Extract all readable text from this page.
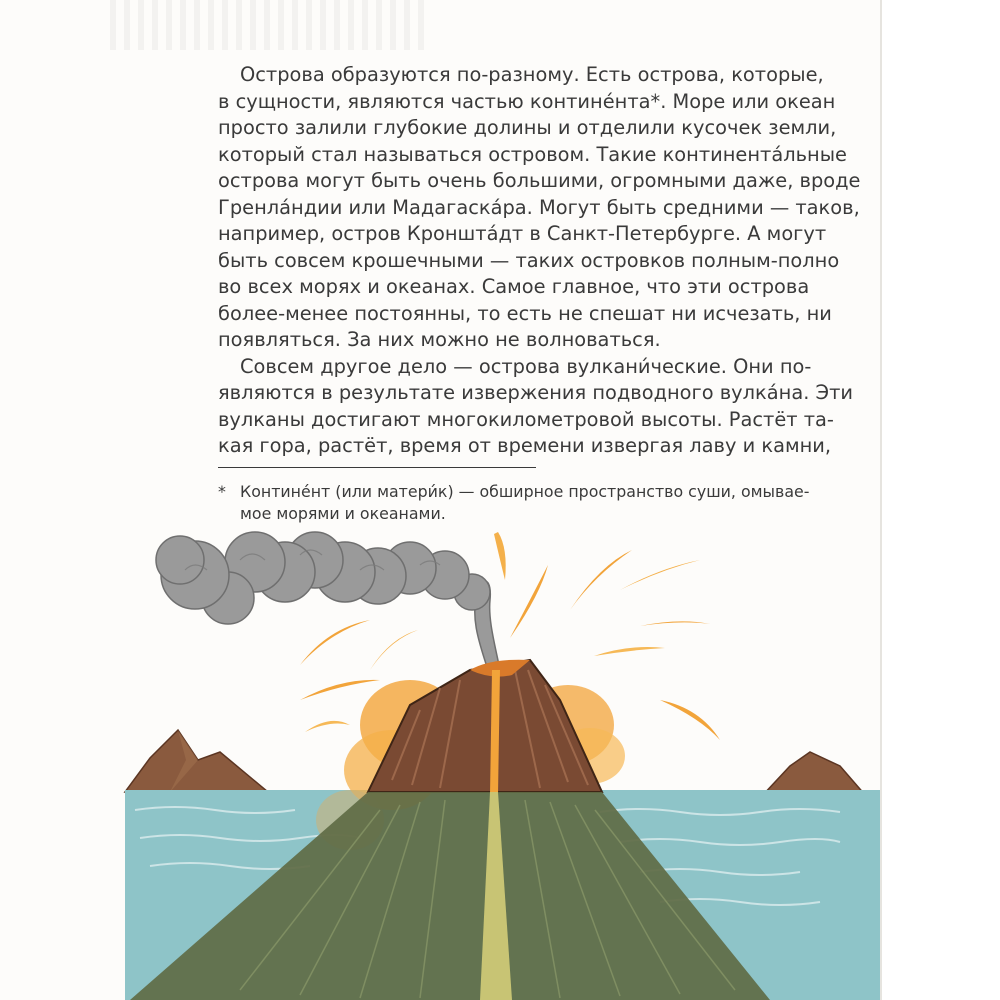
Острова образуются по-разному. Есть острова, которые,
в сущности, являются частью контине́нта*. Море или океан
просто залили глубокие долины и отделили кусочек земли,
который стал называться островом. Такие континента́льные
острова могут быть очень большими, огромными даже, вроде
Гренла́ндии или Мадагаска́ра. Могут быть средними — таков,
например, остров Кроншта́дт в Санкт-Петербурге. А могут
быть совсем крошечными — таких островков полным-полно
во всех морях и океанах. Самое главное, что эти острова
более-менее постоянны, то есть не спешат ни исчезать, ни
появляться. За них можно не волноваться.

Совсем другое дело — острова вулкани́ческие. Они по-
являются в результате извержения подводного вулка́на. Эти
вулканы достигают многокилометровой высоты. Растёт та-
кая гора, растёт, время от времени извергая лаву и камни,

* Контине́нт (или матери́к) — обширное пространство суши, омывае-
мое морями и океанами.
